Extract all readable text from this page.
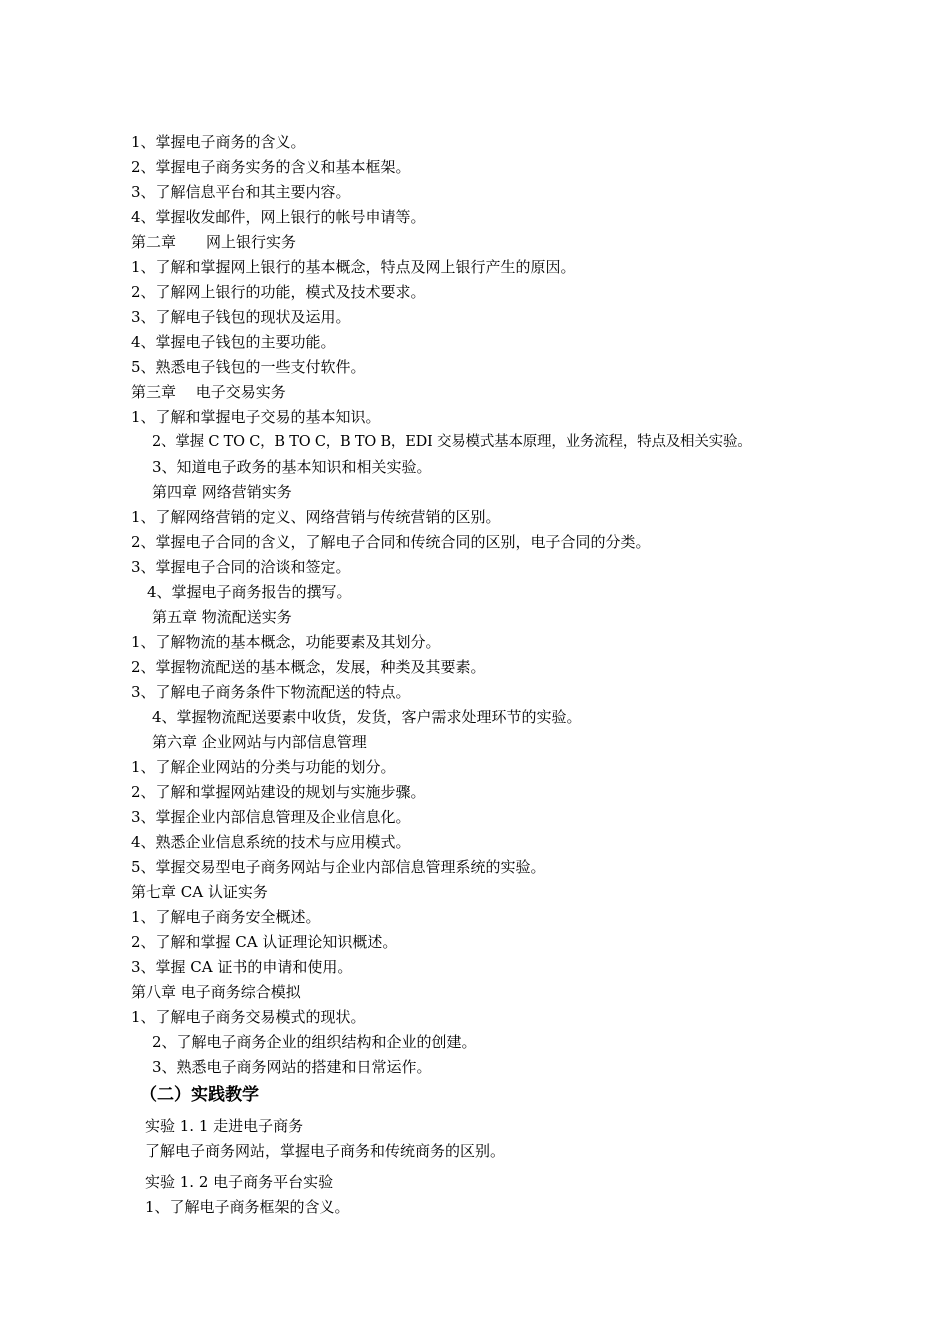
1、掌握电子商务的含义。
2、掌握电子商务实务的含义和基本框架。
3、了解信息平台和其主要内容。
4、掌握收发邮件，网上银行的帐号申请等。
第二章　　网上银行实务
1、了解和掌握网上银行的基本概念，特点及网上银行产生的原因。
2、了解网上银行的功能，模式及技术要求。
3、了解电子钱包的现状及运用。
4、掌握电子钱包的主要功能。
5、熟悉电子钱包的一些支付软件。
第三章　 电子交易实务
1、了解和掌握电子交易的基本知识。
2、掌握 C TO C，B TO C，B TO B，EDI 交易模式基本原理，业务流程，特点及相关实验。
3、知道电子政务的基本知识和相关实验。
第四章 网络营销实务
1、了解网络营销的定义、网络营销与传统营销的区别。
2、掌握电子合同的含义，了解电子合同和传统合同的区别，电子合同的分类。
3、掌握电子合同的洽谈和签定。
4、掌握电子商务报告的撰写。
第五章 物流配送实务
1、了解物流的基本概念，功能要素及其划分。
2、掌握物流配送的基本概念，发展，种类及其要素。
3、了解电子商务条件下物流配送的特点。
4、掌握物流配送要素中收货，发货，客户需求处理环节的实验。
第六章 企业网站与内部信息管理
1、了解企业网站的分类与功能的划分。
2、了解和掌握网站建设的规划与实施步骤。
3、掌握企业内部信息管理及企业信息化。
4、熟悉企业信息系统的技术与应用模式。
5、掌握交易型电子商务网站与企业内部信息管理系统的实验。
第七章 CA 认证实务
1、了解电子商务安全概述。
2、了解和掌握 CA 认证理论知识概述。
3、掌握 CA 证书的申请和使用。
第八章 电子商务综合模拟
1、了解电子商务交易模式的现状。
2、了解电子商务企业的组织结构和企业的创建。
3、熟悉电子商务网站的搭建和日常运作。
（二）实践教学
实验 1. 1 走进电子商务
了解电子商务网站，掌握电子商务和传统商务的区别。
实验 1. 2 电子商务平台实验
1、了解电子商务框架的含义。
